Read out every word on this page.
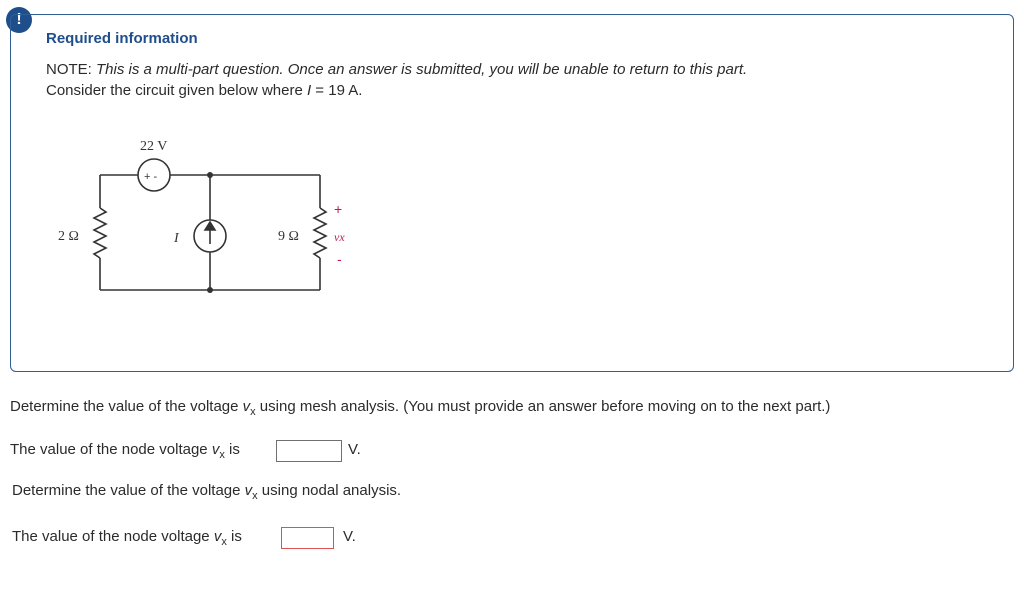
!
Required information
NOTE: This is a multi-part question. Once an answer is submitted, you will be unable to return to this part.
Consider the circuit given below where I = 19 A.
22 V
+ -
2 Ω	I	9 Ω
+
vx
-
Determine the value of the voltage $v_x$ using mesh analysis. (You must provide an answer before moving on to the next part.)
The value of the node voltage $v_x$ is	V.
Determine the value of the voltage $v_x$ using nodal analysis.
The value of the node voltage $v_x$ is	V.
